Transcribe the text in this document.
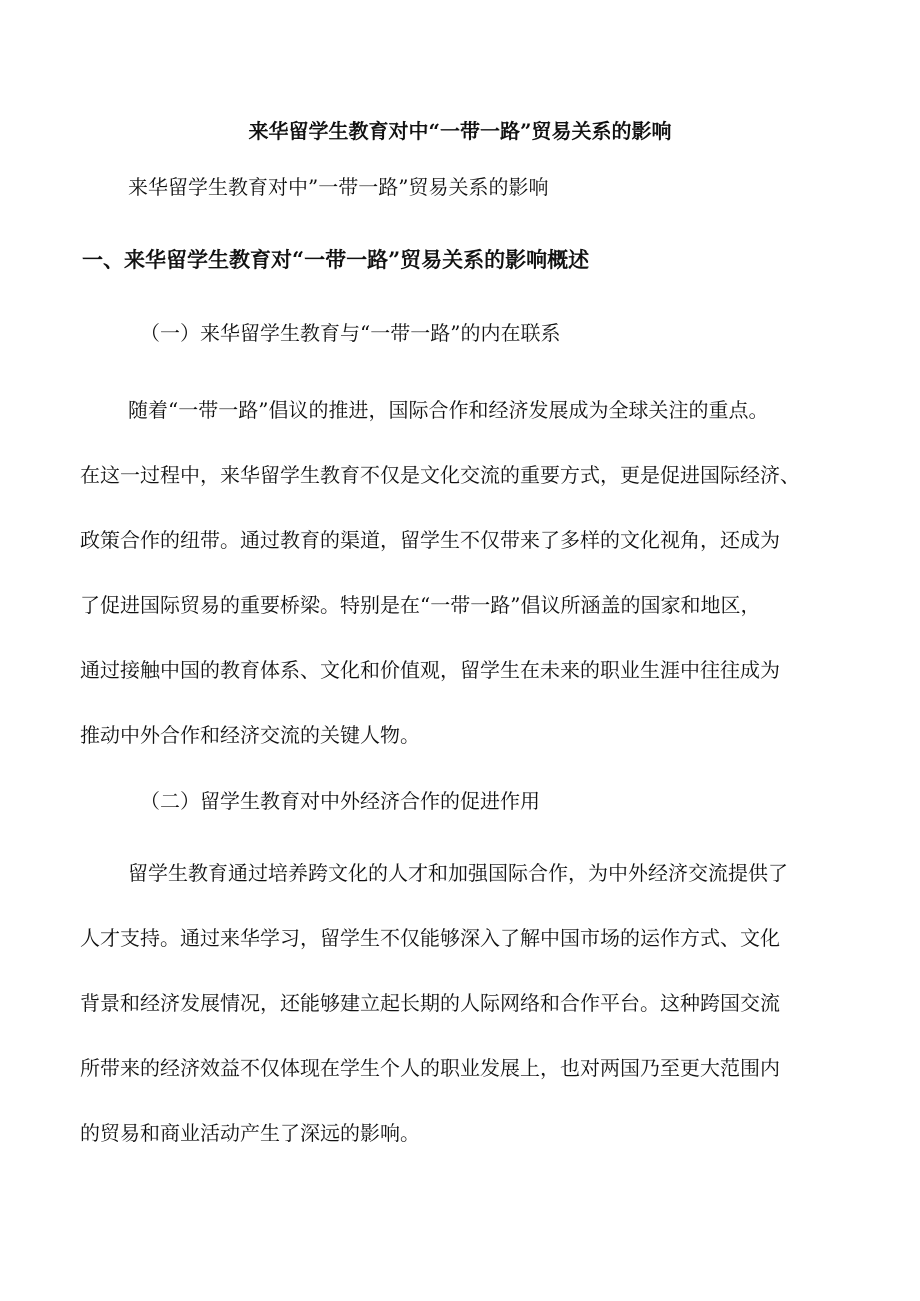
来华留学生教育对中“一带一路”贸易关系的影响
来华留学生教育对中”一带一路”贸易关系的影响
一、来华留学生教育对“一带一路”贸易关系的影响概述
（一）来华留学生教育与“一带一路”的内在联系
随着“一带一路”倡议的推进，国际合作和经济发展成为全球关注的重点。
在这一过程中，来华留学生教育不仅是文化交流的重要方式，更是促进国际经济、
政策合作的纽带。通过教育的渠道，留学生不仅带来了多样的文化视角，还成为
了促进国际贸易的重要桥梁。特别是在“一带一路”倡议所涵盖的国家和地区，
通过接触中国的教育体系、文化和价值观，留学生在未来的职业生涯中往往成为
推动中外合作和经济交流的关键人物。
（二）留学生教育对中外经济合作的促进作用
留学生教育通过培养跨文化的人才和加强国际合作，为中外经济交流提供了
人才支持。通过来华学习，留学生不仅能够深入了解中国市场的运作方式、文化
背景和经济发展情况，还能够建立起长期的人际网络和合作平台。这种跨国交流
所带来的经济效益不仅体现在学生个人的职业发展上，也对两国乃至更大范围内
的贸易和商业活动产生了深远的影响。
